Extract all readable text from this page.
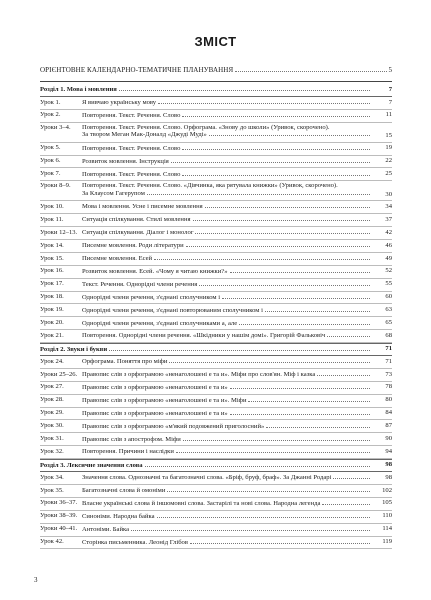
ЗМІСТ
ОРІЄНТОВНЕ КАЛЕНДАРНО-ТЕМАТИЧНЕ ПЛАНУВАННЯ	5
Розділ 1. Мова і мовлення	7
Урок 1.	Я вивчаю українську мову	7
Урок 2.	Повторення. Текст. Речення. Слово	11
Уроки 3–4.	Повторення. Текст. Речення. Слово. Орфограма. «Знову до школи» (Уривок, скорочено).
За твором Меган Мак-Доналд «Джуді Муді»	15
Урок 5.	Повторення. Текст. Речення. Слово	19
Урок 6.	Розвиток мовлення. Інструкція	22
Урок 7.	Повторення. Текст. Речення. Слово	25
Уроки 8–9.	Повторення. Текст. Речення. Слово. «Дівчинка, яка рятувала книжки» (Уривок, скорочено).
За Клаусом Гагерупом	30
Урок 10.	Мова і мовлення. Усне і писемне мовлення	34
Урок 11.	Ситуація спілкування. Стилі мовлення	37
Уроки 12–13. Ситуація спілкування. Діалог і монолог	42
Урок 14.	Писемне мовлення. Роди літератури	46
Урок 15.	Писемне мовлення. Есей	49
Урок 16.	Розвиток мовлення. Есей. «Чому я читаю книжки?»	52
Урок 17.	Текст. Речення. Однорідні члени речення	55
Урок 18.	Однорідні члени речення, з'єднані сполучником і	60
Урок 19.	Однорідні члени речення, з'єднані повторюваним сполучником і	63
Урок 20.	Однорідні члени речення, з'єднані сполучниками а, але	65
Урок 21.	Повторення. Однорідні члени речення. «Шкідники у нашім домі». Григорій Фальковіч	68
Розділ 2. Звуки і букви	71
Урок 24.	Орфограма. Поняття про міфи	71
Уроки 25–26. Правопис слів з орфограмою «ненаголошені е та и». Міфи про слов'ян. Міф і казка	73
Урок 27.	Правопис слів з орфограмою «ненаголошені е та и»	78
Урок 28.	Правопис слів з орфограмою «ненаголошені е та и». Міфи	80
Урок 29.	Правопис слів з орфограмою «ненаголошені е та и»	84
Урок 30.	Правопис слів з орфограмою «м'який подовжений приголосний»	87
Урок 31.	Правопис слів з апострофом. Міфи	90
Урок 32.	Повторення. Причини і наслідки	94
Розділ 3. Лексичне значення слова	98
Урок 34.	Значення слова. Однозначні та багатозначні слова. «Бріф, бруф, браф». За Джанні Родарі	98
Урок 35.	Багатозначні слова й омоніми	102
Уроки 36–37. Власне українські слова й іншомовні слова. Застарілі та нові слова. Народна легенда	105
Уроки 38–39. Синоніми. Народна байка	110
Уроки 40–41. Антоніми. Байка	114
Урок 42.	Сторінка письменника. Леонід Глібов	119
3
